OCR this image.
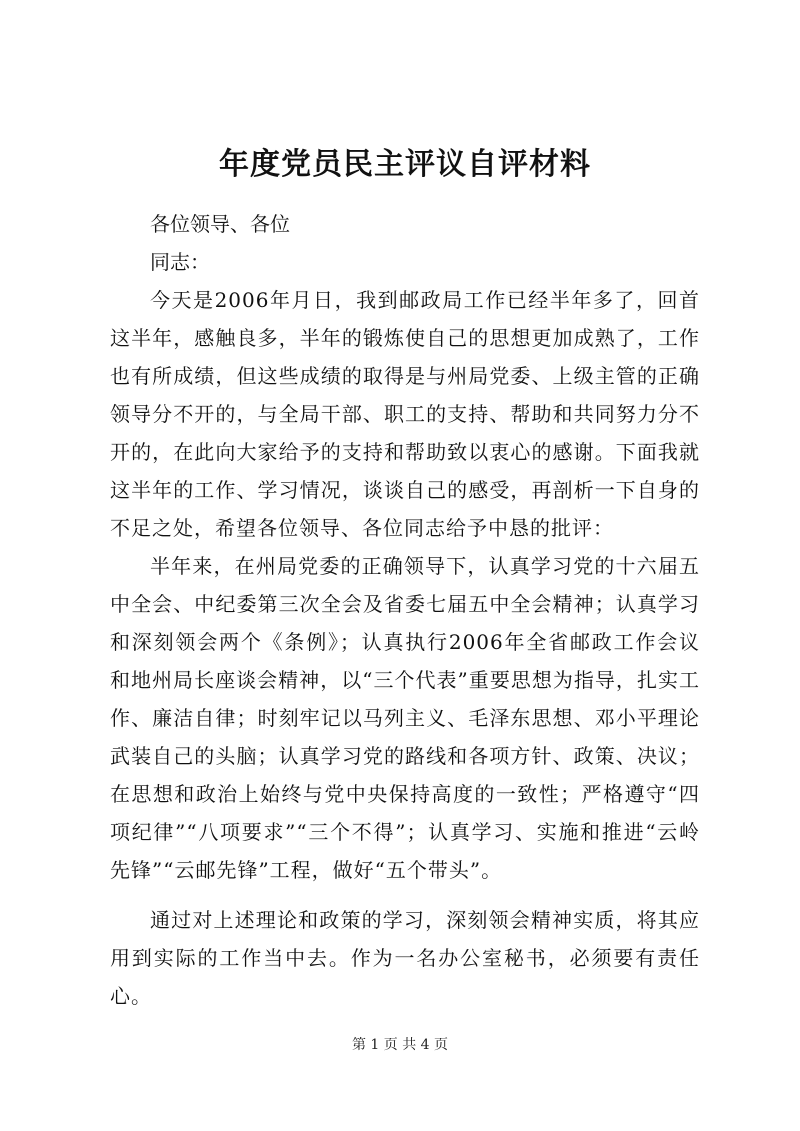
年度党员民主评议自评材料

各位领导、各位

同志：

今天是2006年月日，我到邮政局工作已经半年多了，回首这半年，感触良多，半年的锻炼使自己的思想更加成熟了，工作也有所成绩，但这些成绩的取得是与州局党委、上级主管的正确领导分不开的，与全局干部、职工的支持、帮助和共同努力分不开的，在此向大家给予的支持和帮助致以衷心的感谢。下面我就这半年的工作、学习情况，谈谈自己的感受，再剖析一下自身的不足之处，希望各位领导、各位同志给予中恳的批评：

半年来，在州局党委的正确领导下，认真学习党的十六届五中全会、中纪委第三次全会及省委七届五中全会精神；认真学习和深刻领会两个《条例》；认真执行2006年全省邮政工作会议和地州局长座谈会精神，以“三个代表”重要思想为指导，扎实工作、廉洁自律；时刻牢记以马列主义、毛泽东思想、邓小平理论武装自己的头脑；认真学习党的路线和各项方针、政策、决议；在思想和政治上始终与党中央保持高度的一致性；严格遵守“四项纪律”“八项要求”“三个不得”；认真学习、实施和推进“云岭先锋”“云邮先锋”工程，做好“五个带头”。

通过对上述理论和政策的学习，深刻领会精神实质，将其应用到实际的工作当中去。作为一名办公室秘书，必须要有责任心。

第 1 页 共 4 页
